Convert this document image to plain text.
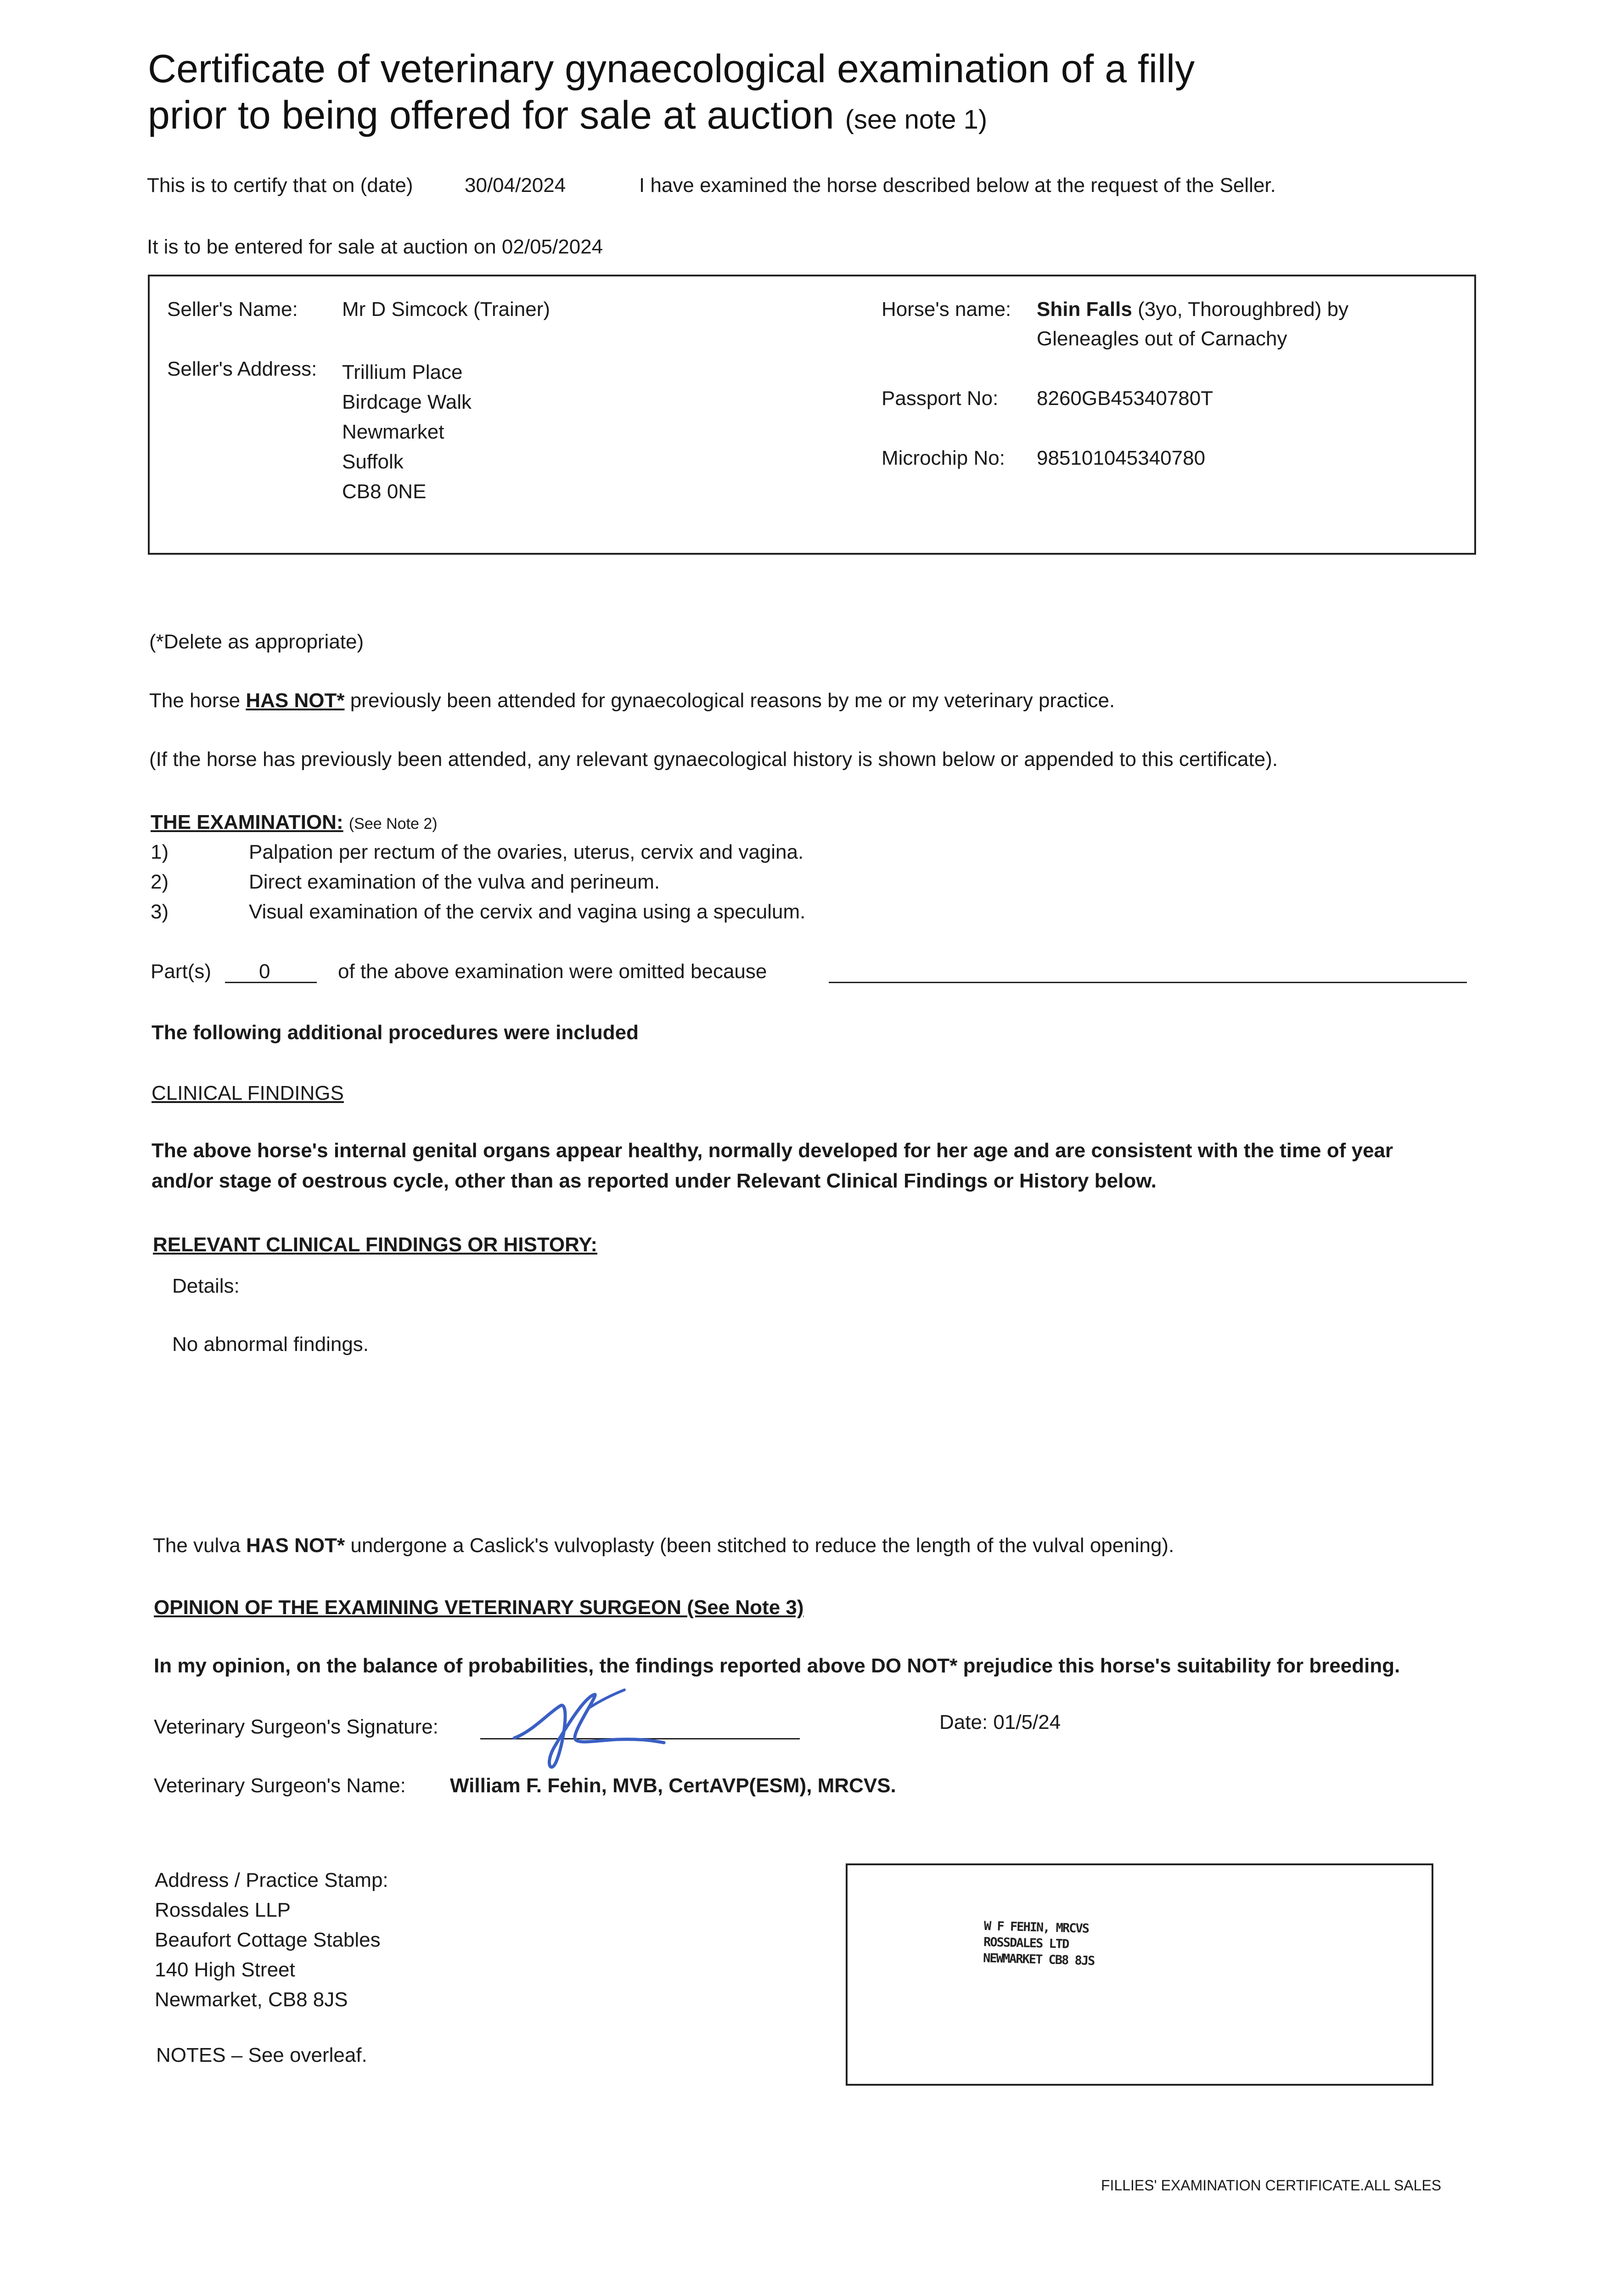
Certificate of veterinary gynaecological examination of a filly
prior to being offered for sale at auction (see note 1)
This is to certify that on (date)	30/04/2024	I have examined the horse described below at the request of the Seller.
It is to be entered for sale at auction on 02/05/2024
Seller's Name: Mr D Simcock (Trainer)
Seller's Address: Trillium Place
Birdcage Walk
Newmarket
Suffolk
CB8 0NE
Horse's name: Shin Falls (3yo, Thoroughbred) by
Gleneagles out of Carnachy
Passport No: 8260GB45340780T
Microchip No: 985101045340780
(*Delete as appropriate)
The horse HAS NOT* previously been attended for gynaecological reasons by me or my veterinary practice.
(If the horse has previously been attended, any relevant gynaecological history is shown below or appended to this certificate).
THE EXAMINATION: (See Note 2)
1)	Palpation per rectum of the ovaries, uterus, cervix and vagina.
2)	Direct examination of the vulva and perineum.
3)	Visual examination of the cervix and vagina using a speculum.
Part(s) 0	of the above examination were omitted because
The following additional procedures were included
CLINICAL FINDINGS
The above horse's internal genital organs appear healthy, normally developed for her age and are consistent with the time of year
and/or stage of oestrous cycle, other than as reported under Relevant Clinical Findings or History below.
RELEVANT CLINICAL FINDINGS OR HISTORY:
Details:
No abnormal findings.
The vulva HAS NOT* undergone a Caslick's vulvoplasty (been stitched to reduce the length of the vulval opening).
OPINION OF THE EXAMINING VETERINARY SURGEON (See Note 3)
In my opinion, on the balance of probabilities, the findings reported above DO NOT* prejudice this horse's suitability for breeding.
Veterinary Surgeon's Signature:	Date: 01/5/24
Veterinary Surgeon's Name: William F. Fehin, MVB, CertAVP(ESM), MRCVS.
Address / Practice Stamp:
Rossdales LLP
Beaufort Cottage Stables
140 High Street
Newmarket, CB8 8JS
NOTES – See overleaf.
W F FEHIN, MRCVS
ROSSDALES LTD
NEWMARKET CB8 8JS
FILLIES' EXAMINATION CERTIFICATE.ALL SALES
